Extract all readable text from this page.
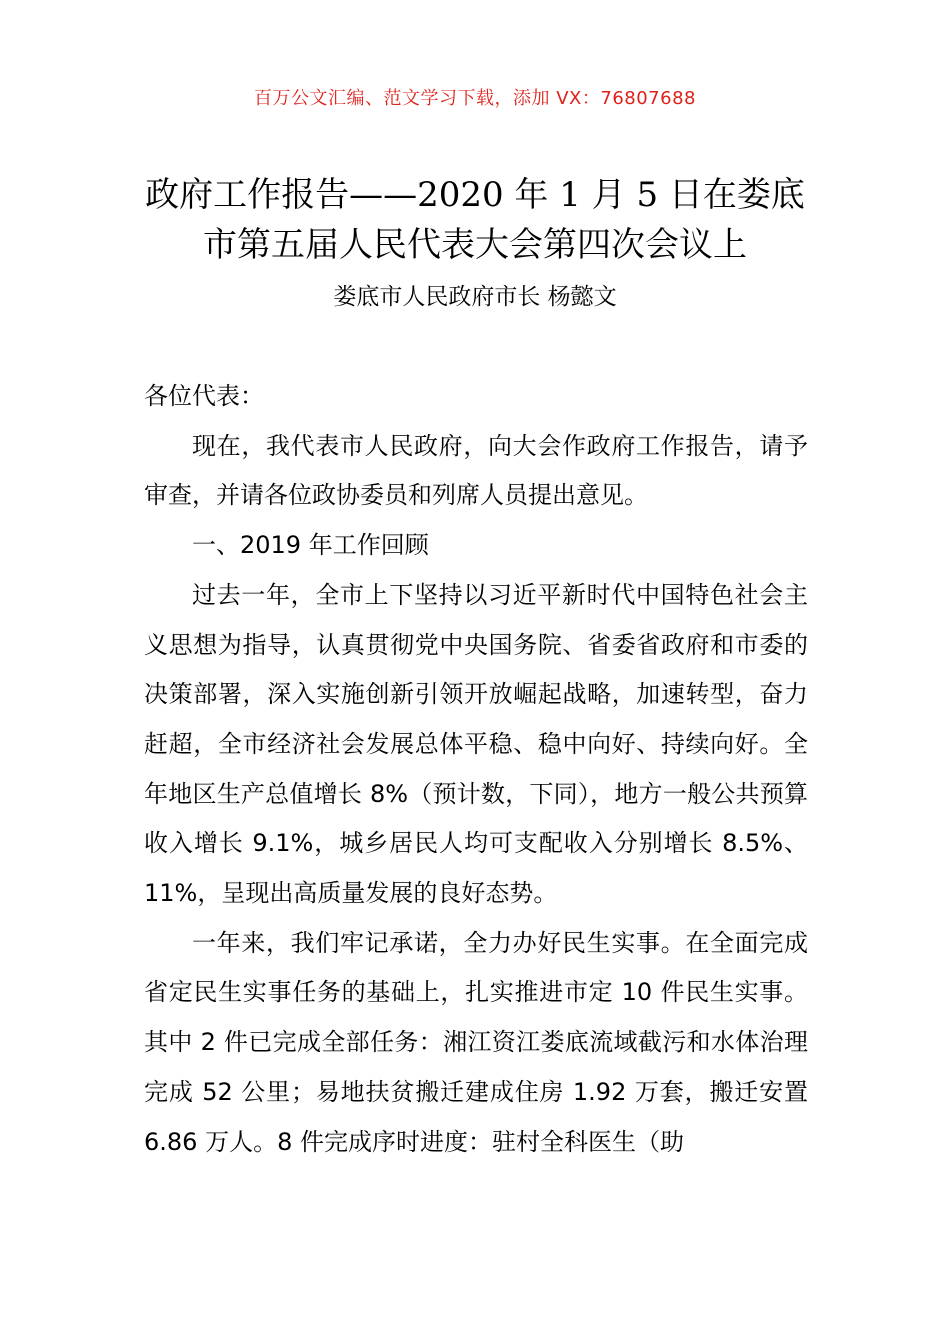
百万公文汇编、范文学习下载，添加 VX：76807688
政府工作报告——2020 年 1 月 5 日在娄底
市第五届人民代表大会第四次会议上
娄底市人民政府市长 杨懿文

各位代表：

现在，我代表市人民政府，向大会作政府工作报告，请予审查，并请各位政协委员和列席人员提出意见。

一、2019 年工作回顾

过去一年，全市上下坚持以习近平新时代中国特色社会主义思想为指导，认真贯彻党中央国务院、省委省政府和市委的决策部署，深入实施创新引领开放崛起战略，加速转型，奋力赶超，全市经济社会发展总体平稳、稳中向好、持续向好。全年地区生产总值增长 8%（预计数，下同），地方一般公共预算收入增长 9.1%，城乡居民人均可支配收入分别增长 8.5%、11%，呈现出高质量发展的良好态势。

一年来，我们牢记承诺，全力办好民生实事。在全面完成省定民生实事任务的基础上，扎实推进市定 10 件民生实事。其中 2 件已完成全部任务：湘江资江娄底流域截污和水体治理完成 52 公里；易地扶贫搬迁建成住房 1.92 万套，搬迁安置 6.86 万人。8 件完成序时进度：驻村全科医生（助
